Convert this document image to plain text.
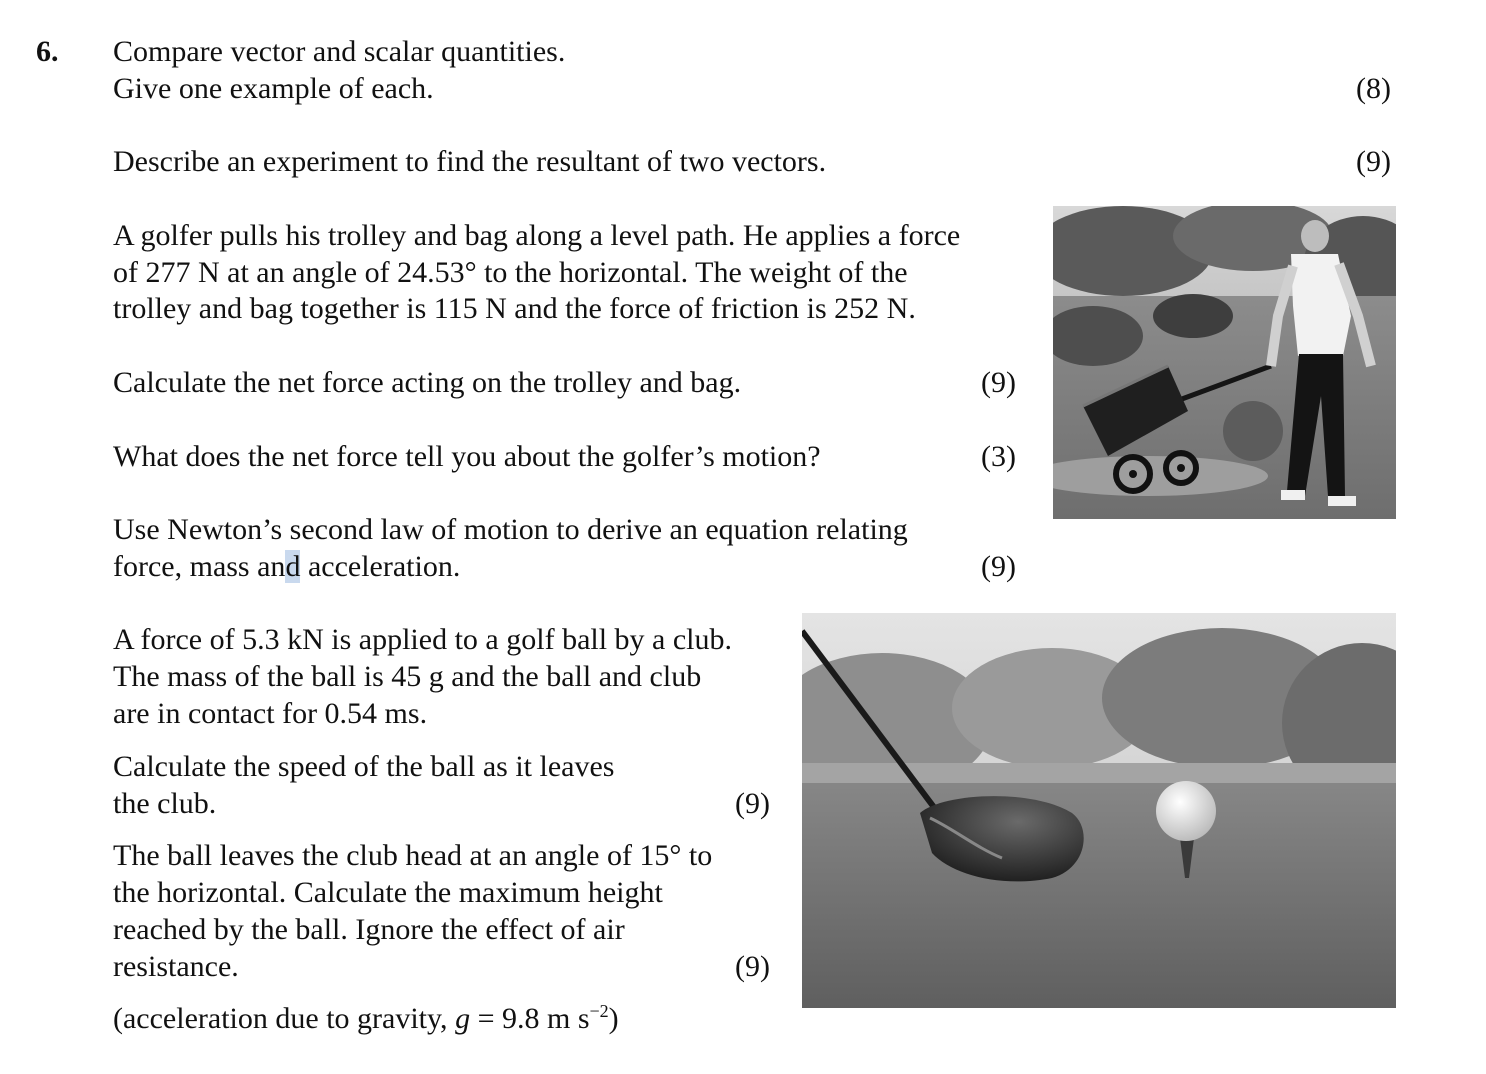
6. Compare vector and scalar quantities.
Give one example of each.	(8)
Describe an experiment to find the resultant of two vectors.	(9)
A golfer pulls his trolley and bag along a level path. He applies a force
of 277 N at an angle of 24.53° to the horizontal. The weight of the
trolley and bag together is 115 N and the force of friction is 252 N.
Calculate the net force acting on the trolley and bag.	(9)
What does the net force tell you about the golfer’s motion?	(3)
Use Newton’s second law of motion to derive an equation relating
force, mass and acceleration.	(9)
A force of 5.3 kN is applied to a golf ball by a club.
The mass of the ball is 45 g and the ball and club
are in contact for 0.54 ms.
Calculate the speed of the ball as it leaves
the club.	(9)
The ball leaves the club head at an angle of 15° to
the horizontal. Calculate the maximum height
reached by the ball. Ignore the effect of air
resistance.	(9)
(acceleration due to gravity, g = 9.8 m $s^{-2}$)
